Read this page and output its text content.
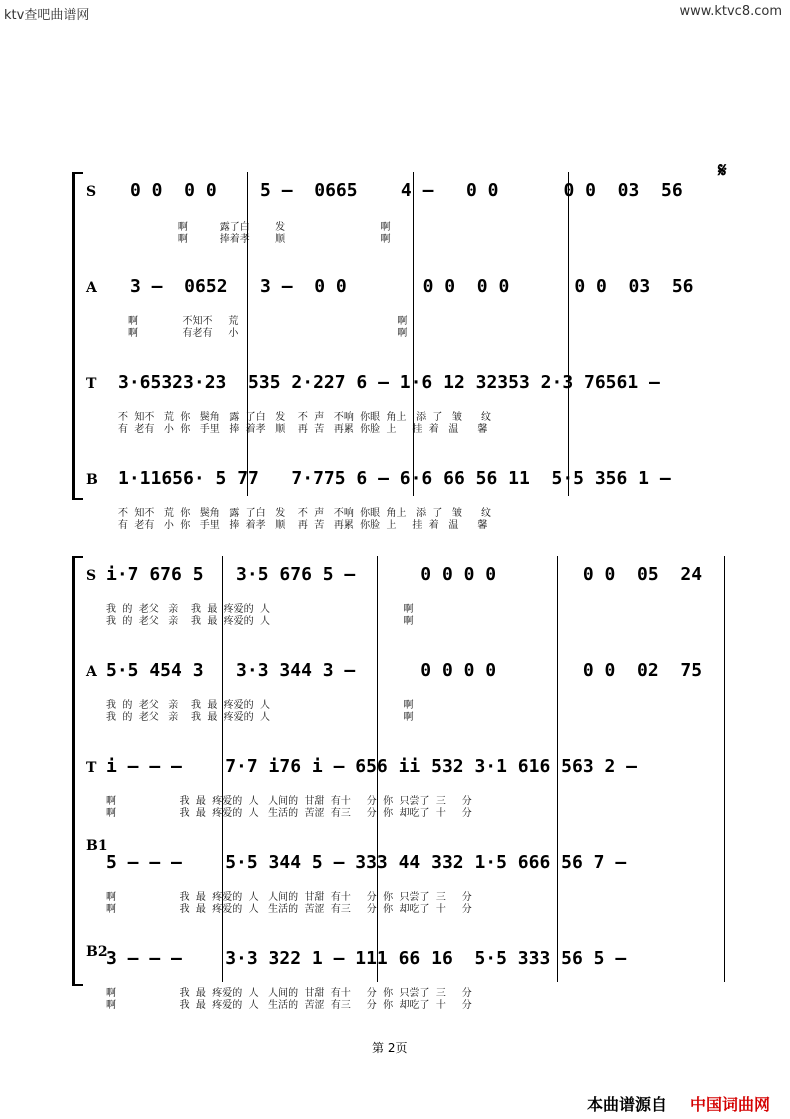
ktv查吧曲谱网	www.ktvc8.com
𝄋
S 0 0  0 0    5 —  0665    4 —   0 0      0 0  03  56
啊          露了白        发                              啊
啊          捧着孝        顺                              啊
A 3 —  0652   3 —  0 0       0 0  0 0      0 0  03  56
啊              不知不     荒                                                  啊
啊              有老有     小                                                  啊
T 3·65323·23  535 2·227 6 — 1·6 12 32353 2·3 76561 —
不  知不   荒  你   鬓角   露  了白   发    不  声   不响  你眼  角上   添  了   皱      纹
有  老有   小  你   手里   捧  着孝   顺    再  苦   再累  你脸  上     挂  着   温      馨
B 1·11656· 5 77   7·775 6 — 6·6 66 56 11  5·5 356 1 —
不  知不   荒  你   鬓角   露  了白   发    不  声   不响  你眼  角上   添  了   皱      纹
有  老有   小  你   手里   捧  着孝   顺    再  苦   再累  你脸  上     挂  着   温      馨
S i·7 676 5   3·5 676 5 —      0 0 0 0        0 0  05  24
我  的  老父   亲    我  最  疼爱的  人                                          啊
我  的  老父   亲    我  最  疼爱的  人                                          啊
A 5·5 454 3   3·3 344 3 —      0 0 0 0        0 0  02  75
我  的  老父   亲    我  最  疼爱的  人                                          啊
我  的  老父   亲    我  最  疼爱的  人                                          啊
T i — — —    7·7 i76 i — 656 ii 532 3·1 616 563 2 —
啊                    我  最  疼爱的  人   人间的  甘甜  有十     分  你  只尝了  三     分
啊                    我  最  疼爱的  人   生活的  苦涩  有三     分  你  却吃了  十     分
B1
5 — — —    5·5 344 5 — 333 44 332 1·5 666 56 7 —
啊                    我  最  疼爱的  人   人间的  甘甜  有十     分  你  只尝了  三     分
啊                    我  最  疼爱的  人   生活的  苦涩  有三     分  你  却吃了  十     分
B2
3 — — —    3·3 322 1 — 111 66 16  5·5 333 56 5 —
啊                    我  最  疼爱的  人   人间的  甘甜  有十     分  你  只尝了  三     分
啊                    我  最  疼爱的  人   生活的  苦涩  有三     分  你  却吃了  十     分
第 2页
本曲谱源自 中国词曲网
